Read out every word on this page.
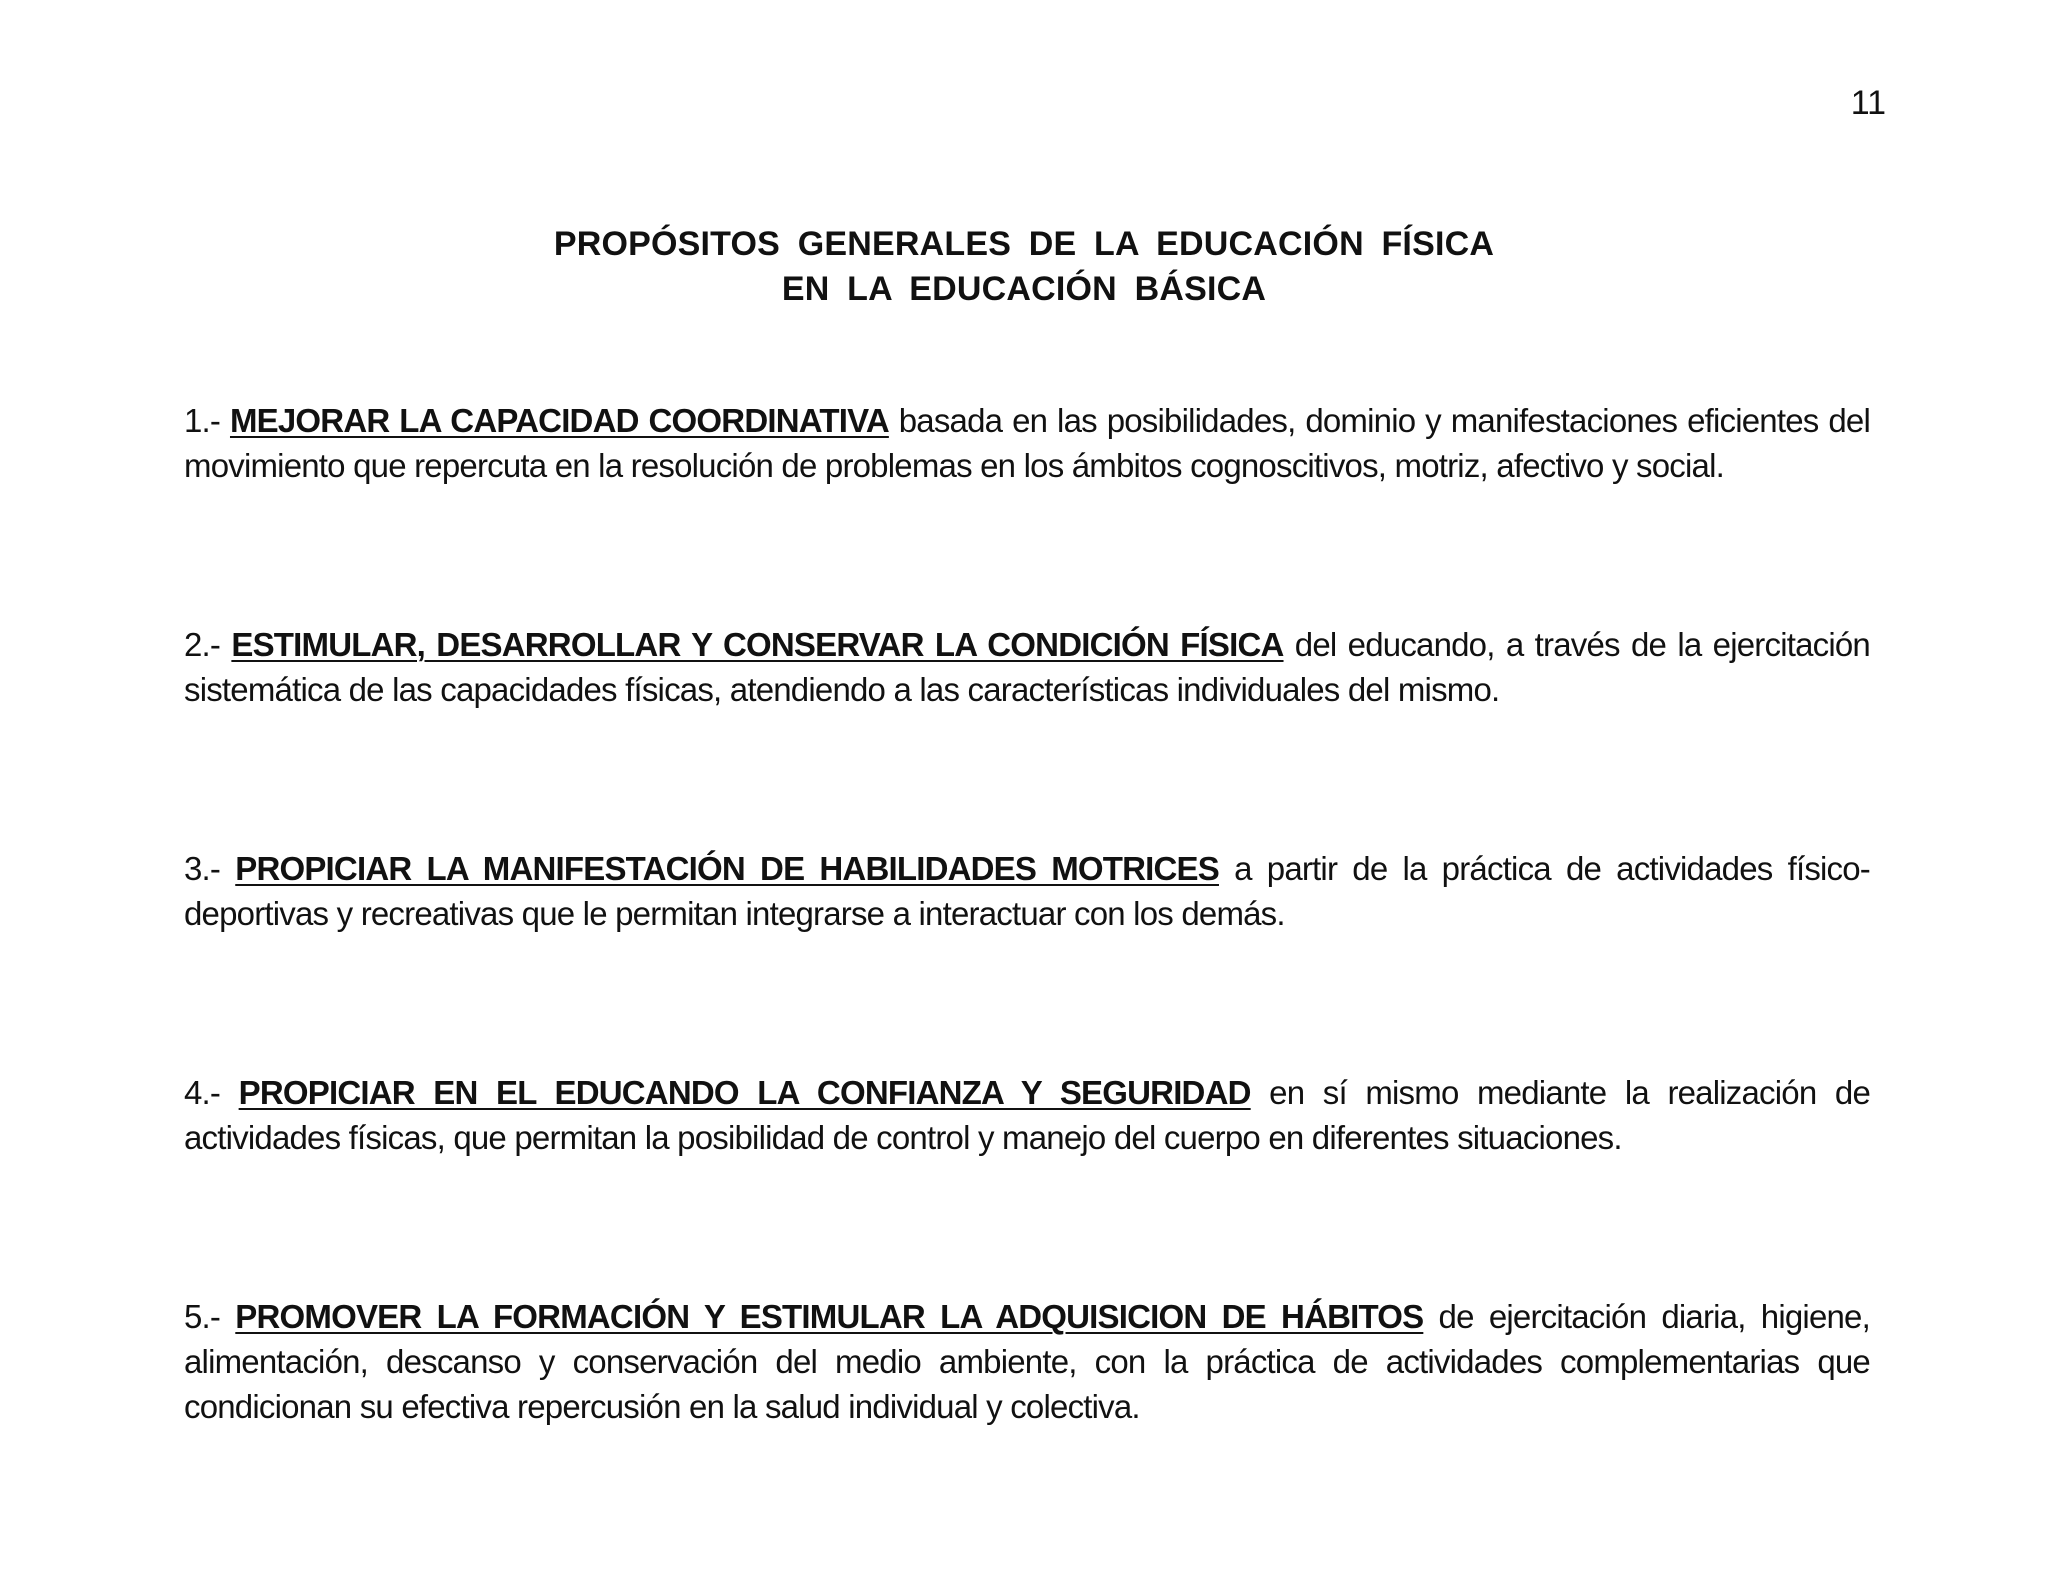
11
PROPÓSITOS GENERALES DE LA EDUCACIÓN FÍSICA
EN LA EDUCACIÓN BÁSICA

1.- MEJORAR LA CAPACIDAD COORDINATIVA basada en las posibilidades, dominio y manifestaciones eficientes del movimiento que repercuta en la resolución de problemas en los ámbitos cognoscitivos, motriz, afectivo y social.

2.- ESTIMULAR, DESARROLLAR Y CONSERVAR LA CONDICIÓN FÍSICA del educando, a través de la ejercitación sistemática de las capacidades físicas, atendiendo a las características individuales del mismo.

3.- PROPICIAR LA MANIFESTACIÓN DE HABILIDADES MOTRICES a partir de la práctica de actividades físico-deportivas y recreativas que le permitan integrarse a interactuar con los demás.

4.- PROPICIAR EN EL EDUCANDO LA CONFIANZA Y SEGURIDAD en sí mismo mediante la realización de actividades físicas, que permitan la posibilidad de control y manejo del cuerpo en diferentes situaciones.

5.- PROMOVER LA FORMACIÓN Y ESTIMULAR LA ADQUISICION DE HÁBITOS de ejercitación diaria, higiene, alimentación, descanso y conservación del medio ambiente, con la práctica de actividades complementarias que condicionan su efectiva repercusión en la salud individual y colectiva.
